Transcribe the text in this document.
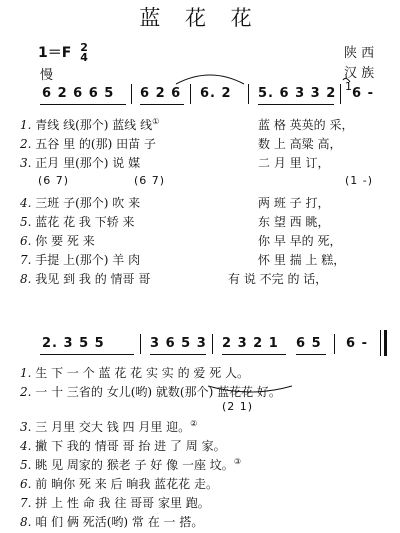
蓝 花 花
1＝F 2
4
慢
陕 西
汉 族
6 2 6 6 5 6 2 6 6. 2 5. 6 3 3 2 1 6 -
1. 青线 线(那个) 蓝线 线①	蓝 格 英英的 采，
2. 五谷 里 的(那) 田苗 子	数 上 高粱 高，
3. 正月 里(那个) 说 媒	二 月 里 订，
(6 7)	(6 7)	(1 -)
4. 三班 子(那个) 吹 来	两 班 子 打，
5. 蓝花 花 我 下轿 来	东 望 西 眺，
6. 你 要 死 来	你 早 早的 死，
7. 手提 上(那个) 羊 肉	怀 里 揣 上 糕，
8. 我见 到 我 的 情哥 哥	有 说 不完 的 话，
2. 3 5 5	3 6 5 3 2 3 2 1 6 5 6 -
1. 生 下 一 个 蓝 花 花 实 实 的 爱 死 人。
2. 一 十 三省的 女儿(哟) 就数(那个) 蓝花花 好。
(2 1)
3. 三 月里 交大 钱 四 月里 迎。②
4. 撇 下 我的 情哥 哥 抬 进 了 周 家。
5. 眺 见 周家的 猴老 子 好 像 一座 坟。③
6. 前 晌你 死 来 后 晌我 蓝花花 走。
7. 拼 上 性 命 我 往 哥哥 家里 跑。
8. 咱 们 俩 死活(哟) 常 在 一 搭。
